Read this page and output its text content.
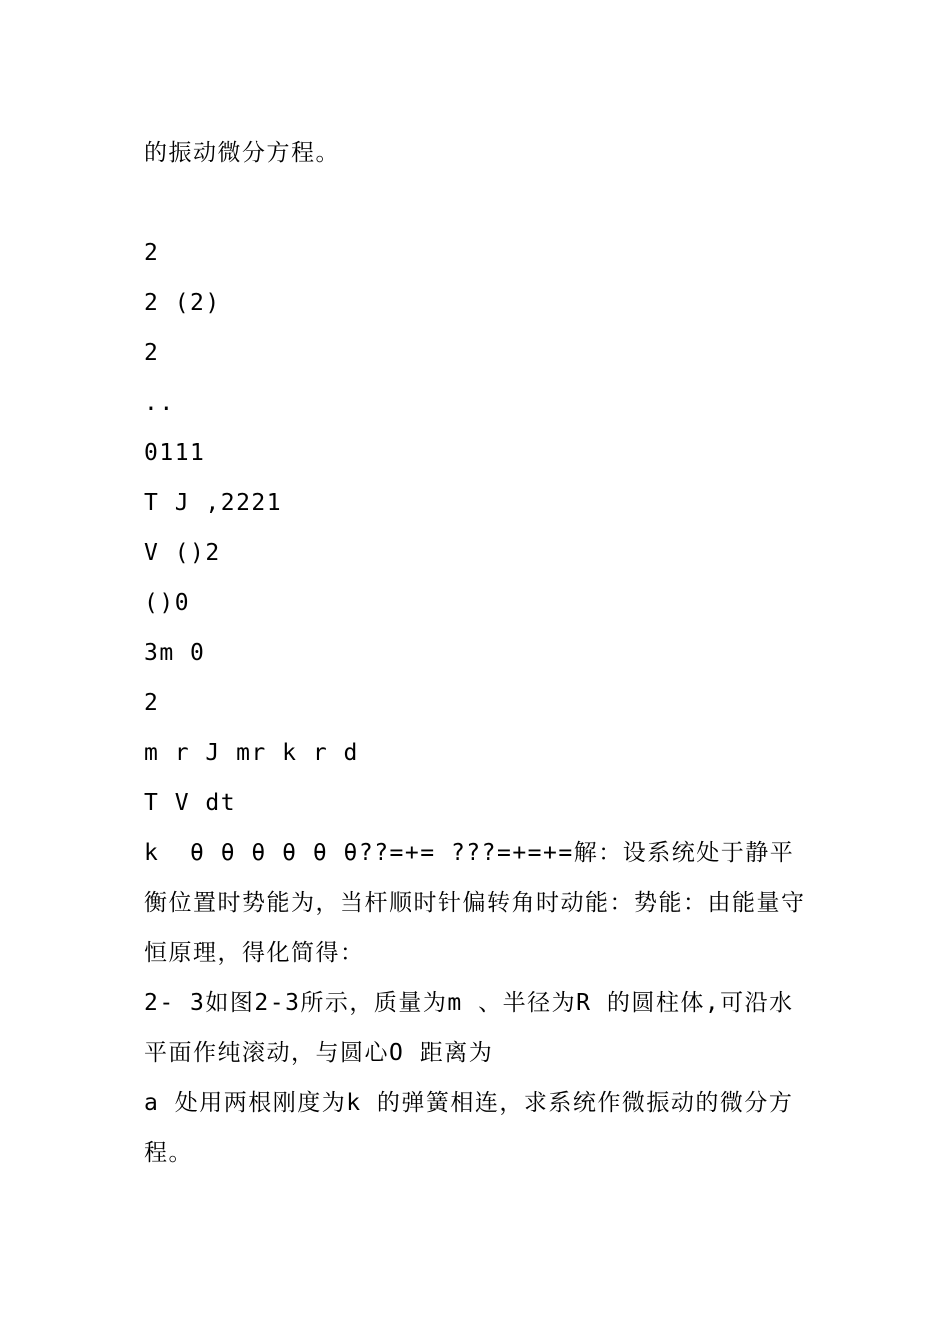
的振动微分方程。

2

2 (2)

2

..

0111

T J ,2221

V ()2

()0

3m 0

2

m r J mr k r d

T V dt

k  θ θ θ θ θ θ??=+= ???=+=+=解：设系统处于静平衡位置时势能为，当杆顺时针偏转角时动能：势能：由能量守恒原理，得化简得：

2- 3如图2-3所示，质量为m 、半径为R 的圆柱体,可沿水平面作纯滚动，与圆心O 距离为

a 处用两根刚度为k 的弹簧相连，求系统作微振动的微分方程。
